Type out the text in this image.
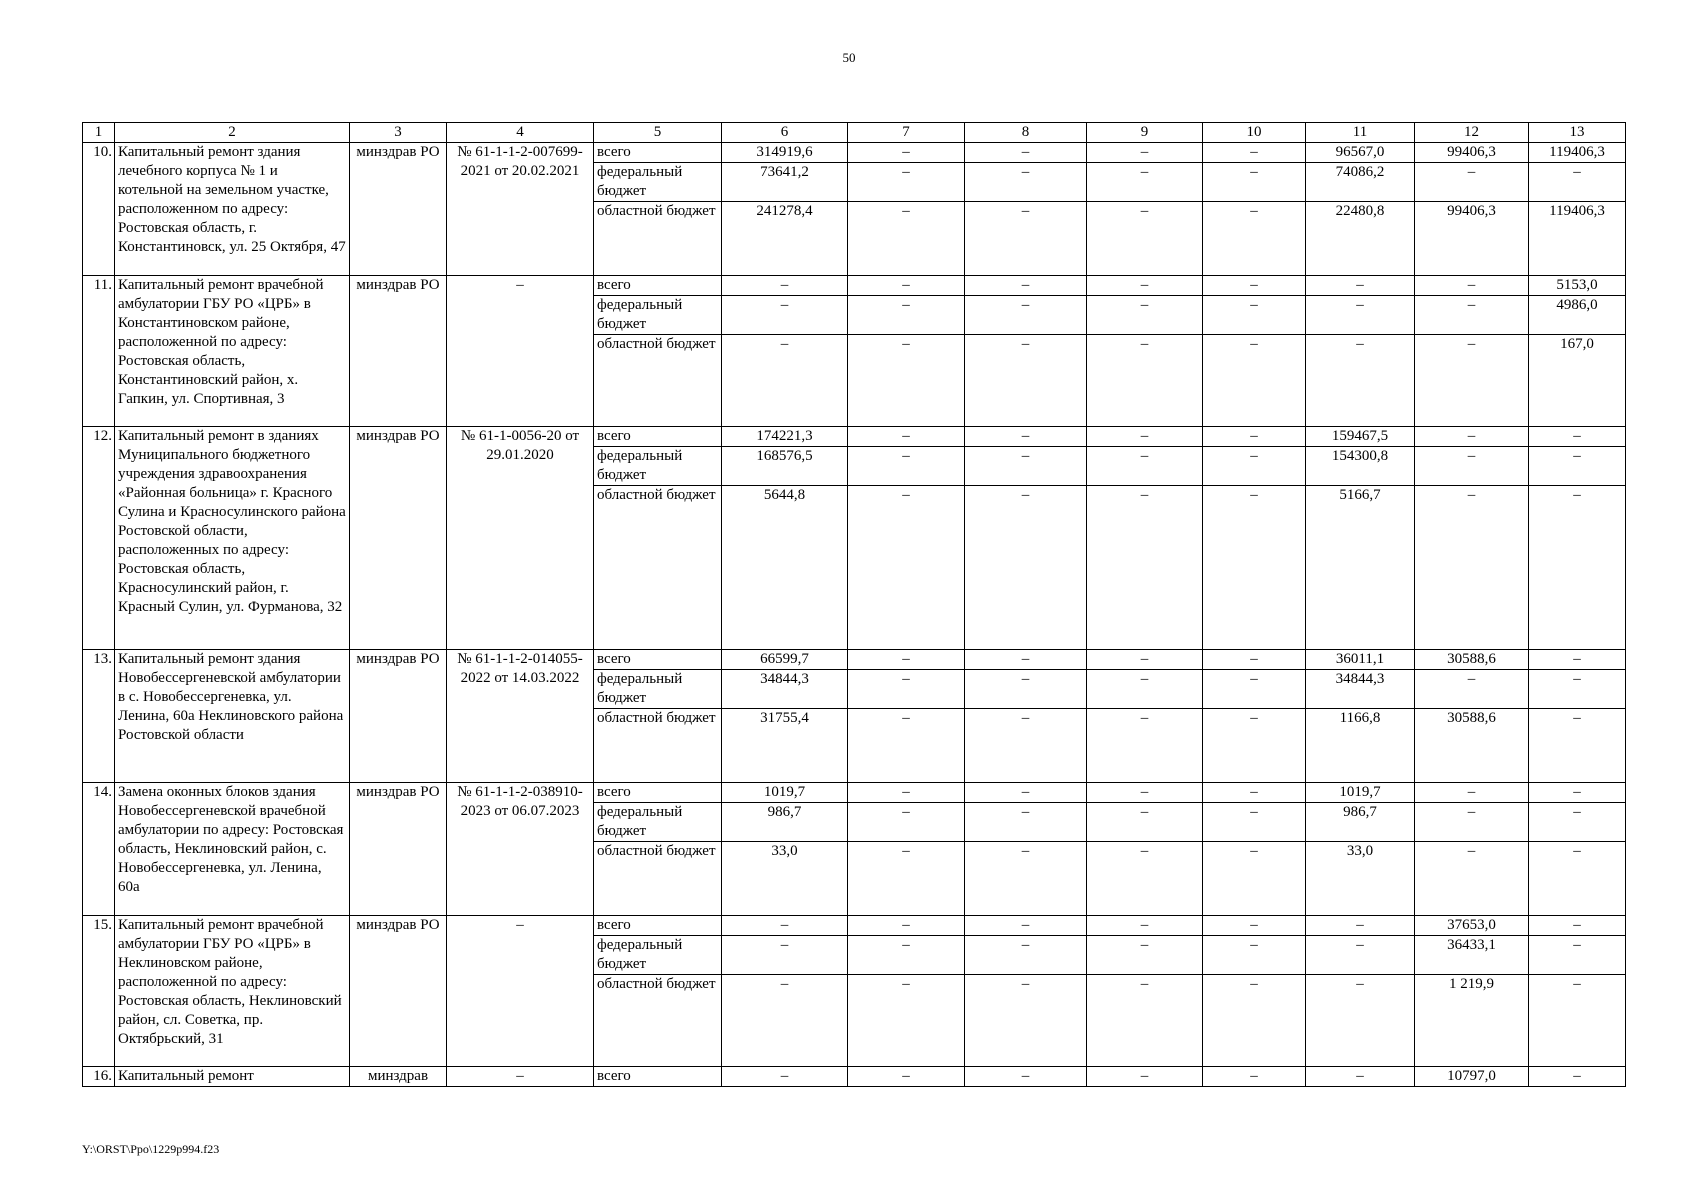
50
1	2	3	4	5	6	7	8	9	10	11	12	13
10.	Капитальный ремонт здания лечебного корпуса № 1 и котельной на земельном участке, расположенном по адресу: Ростовская область, г. Константиновск, ул. 25 Октября, 47	минздрав РО	№ 61-1-1-2-007699-2021 от 20.02.2021	всего	314919,6	–	–	–	–	96567,0	99406,3	119406,3
				федеральный бюджет	73641,2	–	–	–	–	74086,2	–	–
				областной бюджет	241278,4	–	–	–	–	22480,8	99406,3	119406,3
11.	Капитальный ремонт врачебной амбулатории ГБУ РО «ЦРБ» в Константиновском районе, расположенной по адресу: Ростовская область, Константиновский район, х. Гапкин, ул. Спортивная, 3	минздрав РО	–	всего	–	–	–	–	–	–	–	5153,0
				федеральный бюджет	–	–	–	–	–	–	–	4986,0
				областной бюджет	–	–	–	–	–	–	–	167,0
12.	Капитальный ремонт в зданиях Муниципального бюджетного учреждения здравоохранения «Районная больница» г. Красного Сулина и Красносулинского района Ростовской области, расположенных по адресу: Ростовская область, Красносулинский район, г. Красный Сулин, ул. Фурманова, 32	минздрав РО	№ 61-1-0056-20 от 29.01.2020	всего	174221,3	–	–	–	–	159467,5	–	–
				федеральный бюджет	168576,5	–	–	–	–	154300,8	–	–
				областной бюджет	5644,8	–	–	–	–	5166,7	–	–
13.	Капитальный ремонт здания Новобессергеневской амбулатории в с. Новобессергеневка, ул. Ленина, 60а Неклиновского района Ростовской области	минздрав РО	№ 61-1-1-2-014055-2022 от 14.03.2022	всего	66599,7	–	–	–	–	36011,1	30588,6	–
				федеральный бюджет	34844,3	–	–	–	–	34844,3	–	–
				областной бюджет	31755,4	–	–	–	–	1166,8	30588,6	–
14.	Замена оконных блоков здания Новобессергеневской врачебной амбулатории по адресу: Ростовская область, Неклиновский район, с. Новобессергеневка, ул. Ленина, 60а	минздрав РО	№ 61-1-1-2-038910-2023 от 06.07.2023	всего	1019,7	–	–	–	–	1019,7	–	–
				федеральный бюджет	986,7	–	–	–	–	986,7	–	–
				областной бюджет	33,0	–	–	–	–	33,0	–	–
15.	Капитальный ремонт врачебной амбулатории ГБУ РО «ЦРБ» в Неклиновском районе, расположенной по адресу: Ростовская область, Неклиновский район, сл. Советка, пр. Октябрьский, 31	минздрав РО	–	всего	–	–	–	–	–	–	37653,0	–
				федеральный бюджет	–	–	–	–	–	–	36433,1	–
				областной бюджет	–	–	–	–	–	–	1 219,9	–
16.	Капитальный ремонт	минздрав	–	всего	–	–	–	–	–	–	10797,0	–
Y:\ORST\Ppo\1229p994.f23
